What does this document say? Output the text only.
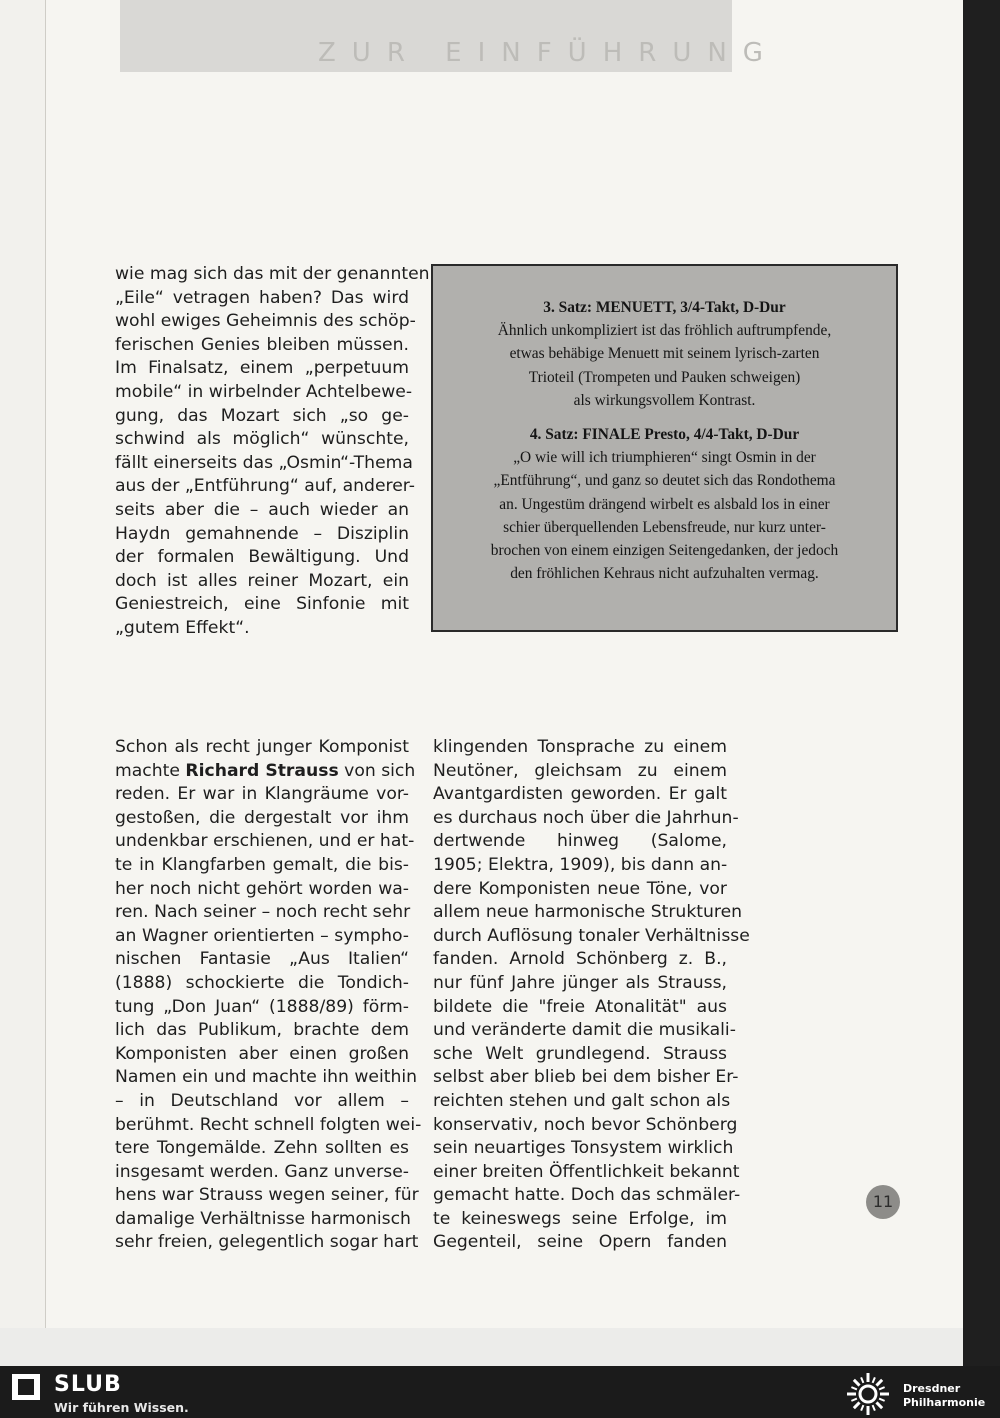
ZUR EINFÜHRUNG
wie mag sich das mit der genannten
„Eile“ vetragen haben? Das wird
wohl ewiges Geheimnis des schöp-
ferischen Genies bleiben müssen.
Im Finalsatz, einem „perpetuum
mobile“ in wirbelnder Achtelbewe-
gung, das Mozart sich „so ge-
schwind als möglich“ wünschte,
fällt einerseits das „Osmin“-Thema
aus der „Entführung“ auf, anderer-
seits aber die – auch wieder an
Haydn gemahnende – Disziplin
der formalen Bewältigung. Und
doch ist alles reiner Mozart, ein
Geniestreich, eine Sinfonie mit
„gutem Effekt“.
3. Satz: MENUETT, 3/4-Takt, D-Dur
Ähnlich unkompliziert ist das fröhlich auftrumpfende,
etwas behäbige Menuett mit seinem lyrisch-zarten
Trioteil (Trompeten und Pauken schweigen)
als wirkungsvollem Kontrast.
4. Satz: FINALE Presto, 4/4-Takt, D-Dur
„O wie will ich triumphieren“ singt Osmin in der
„Entführung“, und ganz so deutet sich das Rondothema
an. Ungestüm drängend wirbelt es alsbald los in einer
schier überquellenden Lebensfreude, nur kurz unter-
brochen von einem einzigen Seitengedanken, der jedoch
den fröhlichen Kehraus nicht aufzuhalten vermag.
Schon als recht junger Komponist
machte Richard Strauss von sich
reden. Er war in Klangräume vor-
gestoßen, die dergestalt vor ihm
undenkbar erschienen, und er hat-
te in Klangfarben gemalt, die bis-
her noch nicht gehört worden wa-
ren. Nach seiner – noch recht sehr
an Wagner orientierten – sympho-
nischen Fantasie „Aus Italien“
(1888) schockierte die Tondich-
tung „Don Juan“ (1888/89) förm-
lich das Publikum, brachte dem
Komponisten aber einen großen
Namen ein und machte ihn weithin
– in Deutschland vor allem –
berühmt. Recht schnell folgten wei-
tere Tongemälde. Zehn sollten es
insgesamt werden. Ganz unverse-
hens war Strauss wegen seiner, für
damalige Verhältnisse harmonisch
sehr freien, gelegentlich sogar hart
klingenden Tonsprache zu einem
Neutöner, gleichsam zu einem
Avantgardisten geworden. Er galt
es durchaus noch über die Jahrhun-
dertwende hinweg (Salome,
1905; Elektra, 1909), bis dann an-
dere Komponisten neue Töne, vor
allem neue harmonische Strukturen
durch Auflösung tonaler Verhältnisse
fanden. Arnold Schönberg z. B.,
nur fünf Jahre jünger als Strauss,
bildete die "freie Atonalität" aus
und veränderte damit die musikali-
sche Welt grundlegend. Strauss
selbst aber blieb bei dem bisher Er-
reichten stehen und galt schon als
konservativ, noch bevor Schönberg
sein neuartiges Tonsystem wirklich
einer breiten Öffentlichkeit bekannt
gemacht hatte. Doch das schmäler-
te keineswegs seine Erfolge, im
Gegenteil, seine Opern fanden
11
SLUB
Wir führen Wissen.
Dresdner
Philharmonie
